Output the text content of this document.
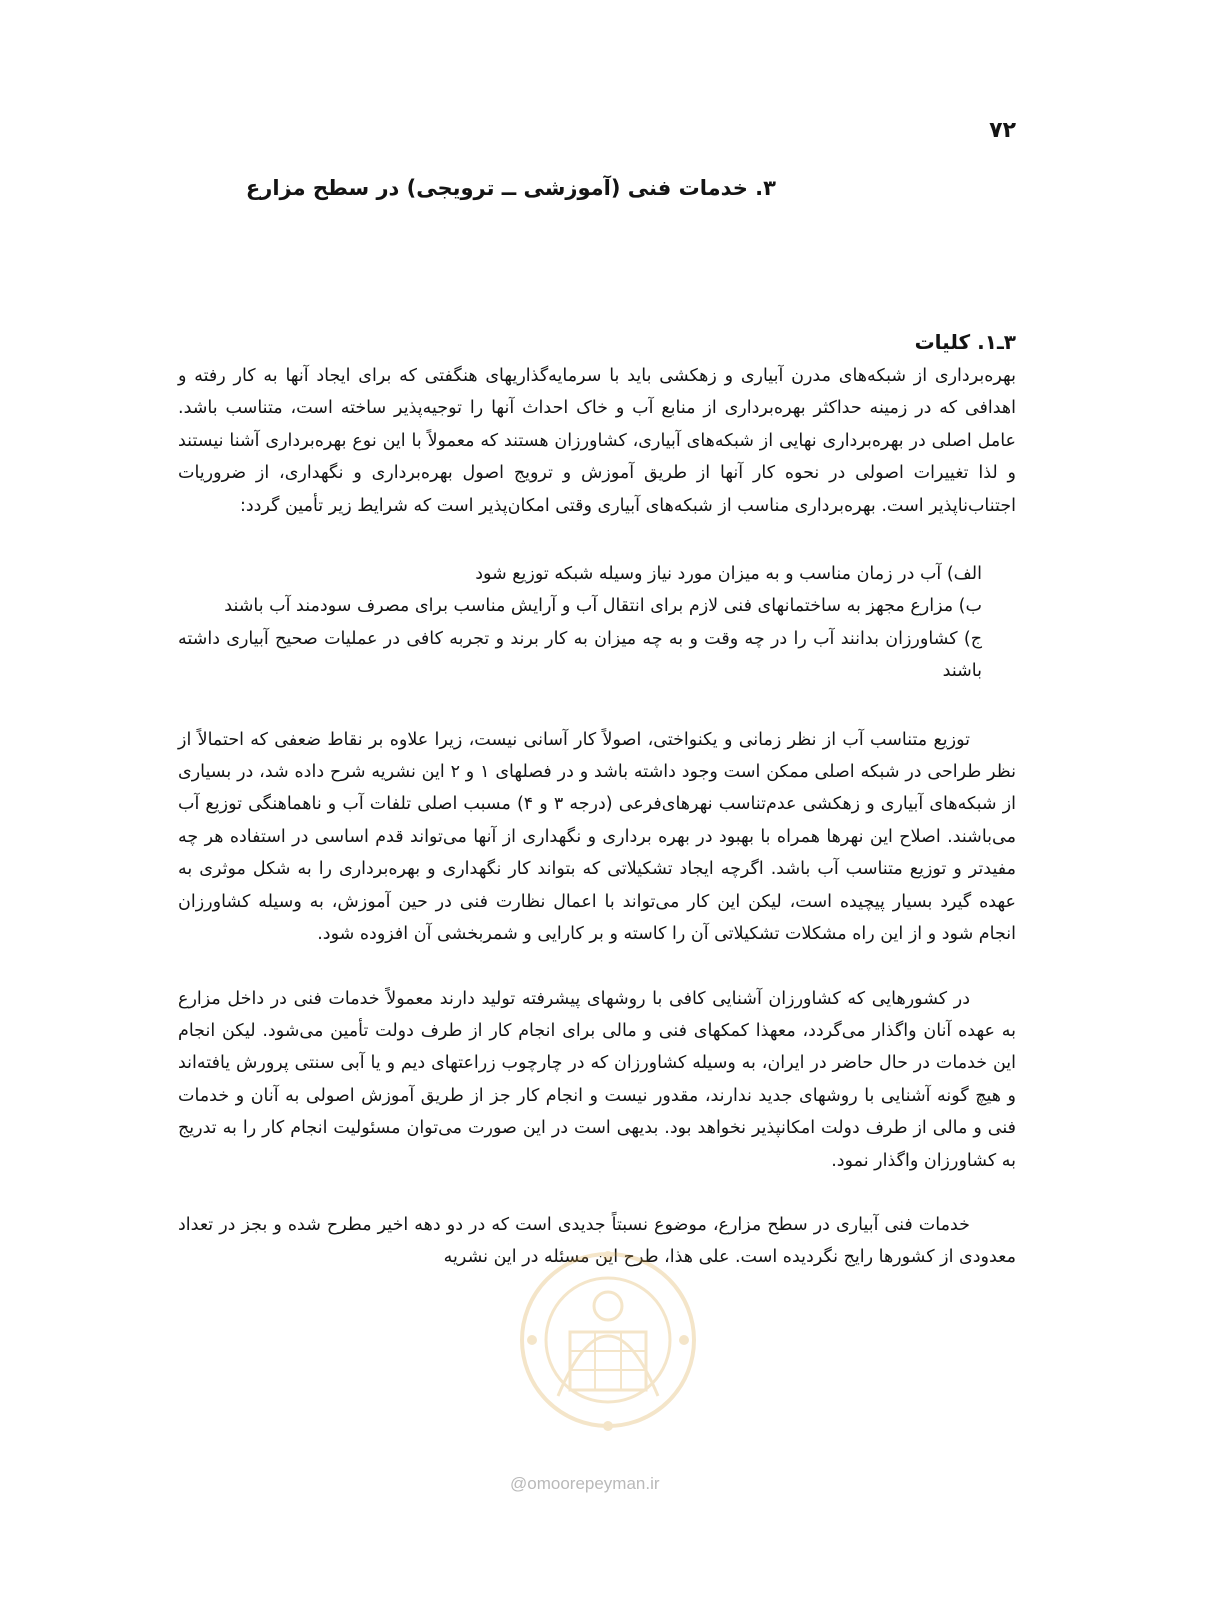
۷۲
۳. خدمات فنی (آموزشی ــ ترویجی) در سطح مزارع
۳ـ۱. کلیات

بهره‌برداری از شبکه‌های مدرن آبیاری و زهکشی باید با سرمایه‌گذاریهای هنگفتی که برای ایجاد آنها به کار رفته و اهدافی که در زمینه حداکثر بهره‌برداری از منابع آب و خاک احداث آنها را توجیه‌پذیر ساخته است، متناسب باشد. عامل اصلی در بهره‌برداری نهایی از شبکه‌های آبیاری، کشاورزان هستند که معمولاً با این نوع بهره‌برداری آشنا نیستند و لذا تغییرات اصولی در نحوه کار آنها از طریق آموزش و ترویج اصول بهره‌برداری و نگهداری، از ضروریات اجتناب‌ناپذیر است. بهره‌برداری مناسب از شبکه‌های آبیاری وقتی امکان‌پذیر است که شرایط زیر تأمین گردد:

الف) آب در زمان مناسب و به میزان مورد نیاز وسیله شبکه توزیع شود

ب) مزارع مجهز به ساختمانهای فنی لازم برای انتقال آب و آرایش مناسب برای مصرف سودمند آب باشند

ج) کشاورزان بدانند آب را در چه وقت و به چه میزان به کار برند و تجربه کافی در عملیات صحیح آبیاری داشته باشند

توزیع متناسب آب از نظر زمانی و یکنواختی، اصولاً کار آسانی نیست، زیرا علاوه بر نقاط ضعفی که احتمالاً از نظر طراحی در شبکه اصلی ممکن است وجود داشته باشد و در فصلهای ۱ و ۲ این نشریه شرح داده شد، در بسیاری از شبکه‌های آبیاری و زهکشی عدم‌تناسب نهرهای‌فرعی (درجه ۳ و ۴) مسبب اصلی تلفات آب و ناهماهنگی توزیع آب می‌باشند. اصلاح این نهرها همراه با بهبود در بهره برداری و نگهداری از آنها می‌تواند قدم اساسی در استفاده هر چه مفیدتر و توزیع متناسب آب باشد. اگرچه ایجاد تشکیلاتی که بتواند کار نگهداری و بهره‌برداری را به شکل موثری به عهده گیرد بسیار پیچیده است، لیکن این کار می‌تواند با اعمال نظارت فنی در حین آموزش، به وسیله کشاورزان انجام شود و از این راه مشکلات تشکیلاتی آن را کاسته و بر کارایی و شمربخشی آن افزوده شود.

در کشورهایی که کشاورزان آشنایی کافی با روشهای پیشرفته تولید دارند معمولاً خدمات فنی در داخل مزارع به عهده آنان واگذار می‌گردد، معهذا کمکهای فنی و مالی برای انجام کار از طرف دولت تأمین می‌شود. لیکن انجام این خدمات در حال حاضر در ایران، به وسیله کشاورزان که در چارچوب زراعتهای دیم و یا آبی سنتی پرورش یافته‌اند و هیچ گونه آشنایی با روشهای جدید ندارند، مقدور نیست و انجام کار جز از طریق آموزش اصولی به آنان و خدمات فنی و مالی از طرف دولت امکانپذیر نخواهد بود. بدیهی است در این صورت می‌توان مسئولیت انجام کار را به تدریج به کشاورزان واگذار نمود.

خدمات فنی آبیاری در سطح مزارع، موضوع نسبتاً جدیدی است که در دو دهه اخیر مطرح شده و بجز در تعداد معدودی از کشورها رایج نگردیده است. علی هذا، طرح این مسئله در این نشریه

@omoorepeyman.ir
